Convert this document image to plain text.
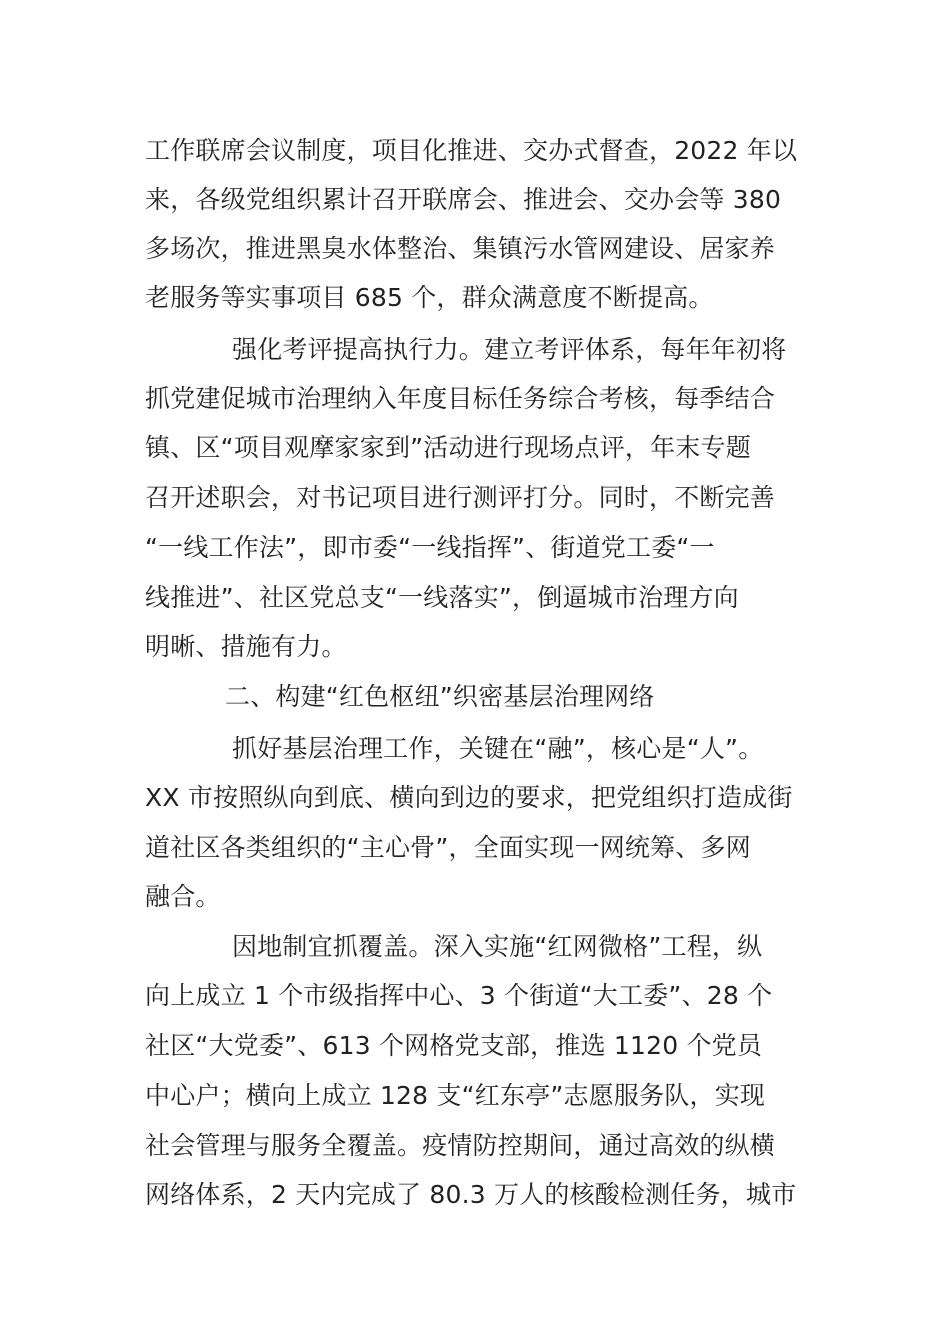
工作联席会议制度，项目化推进、交办式督查，2022 年以

来，各级党组织累计召开联席会、推进会、交办会等 380

多场次，推进黑臭水体整治、集镇污水管网建设、居家养

老服务等实事项目 685 个，群众满意度不断提高。

强化考评提高执行力。建立考评体系，每年年初将

抓党建促城市治理纳入年度目标任务综合考核，每季结合

镇、区“项目观摩家家到”活动进行现场点评，年末专题

召开述职会，对书记项目进行测评打分。同时，不断完善

“一线工作法”，即市委“一线指挥”、街道党工委“一

线推进”、社区党总支“一线落实”，倒逼城市治理方向

明晰、措施有力。

二、构建“红色枢纽”织密基层治理网络

抓好基层治理工作，关键在“融”，核心是“人”。

XX 市按照纵向到底、横向到边的要求，把党组织打造成街

道社区各类组织的“主心骨”，全面实现一网统筹、多网

融合。

因地制宜抓覆盖。深入实施“红网微格”工程，纵

向上成立 1 个市级指挥中心、3 个街道“大工委”、28 个

社区“大党委”、613 个网格党支部，推选 1120 个党员

中心户；横向上成立 128 支“红东亭”志愿服务队，实现

社会管理与服务全覆盖。疫情防控期间，通过高效的纵横

网络体系，2 天内完成了 80.3 万人的核酸检测任务，城市
